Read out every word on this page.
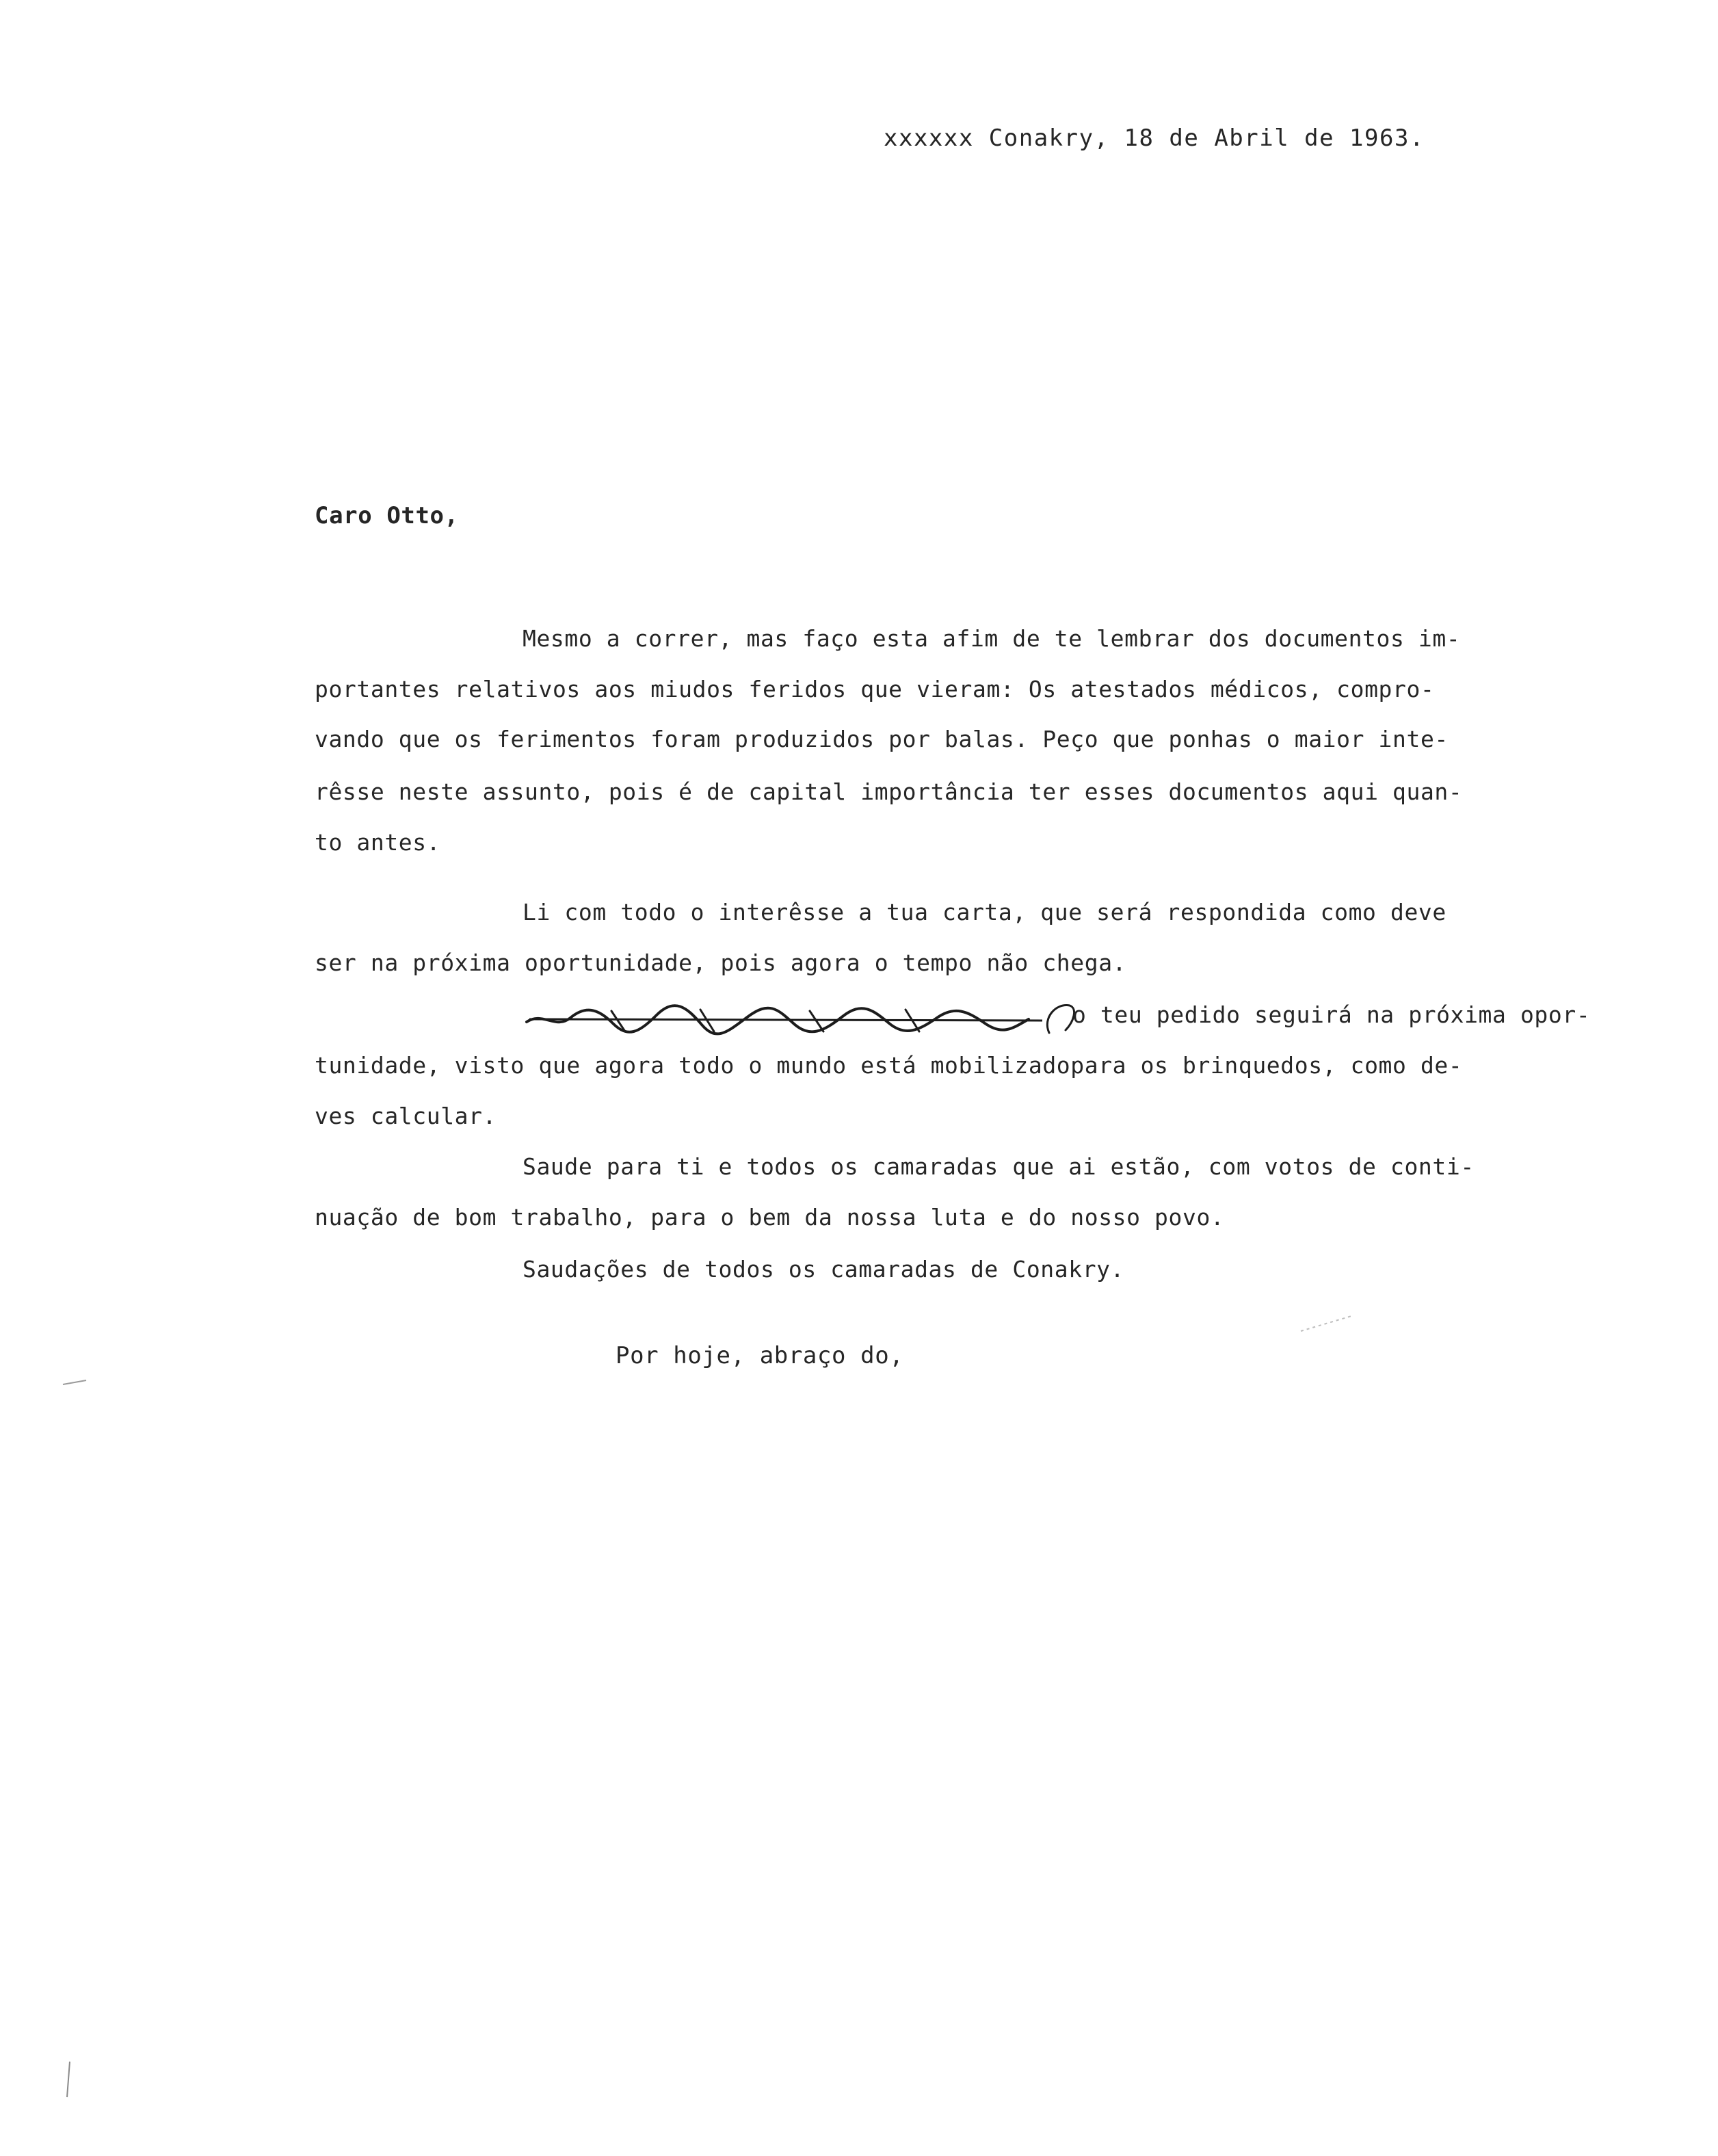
xxxxxx Conakry, 18 de Abril de 1963.
Caro Otto,
Mesmo a correr, mas faço esta afim de te lembrar dos documentos im-
portantes relativos aos miudos feridos que vieram: Os atestados médicos, compro-
vando que os ferimentos foram produzidos por balas. Peço que ponhas o maior inte-
rêsse neste assunto, pois é de capital importância ter esses documentos aqui quan-
to antes.
Li com todo o interêsse a tua carta, que será respondida como deve
ser na próxima oportunidade, pois agora o tempo não chega.
o teu pedido seguirá na próxima opor-
tunidade, visto que agora todo o mundo está mobilizadopara os brinquedos, como de-
ves calcular.
Saude para ti e todos os camaradas que ai estão, com votos de conti-
nuação de bom trabalho, para o bem da nossa luta e do nosso povo.
Saudações de todos os camaradas de Conakry.
Por hoje, abraço do,
